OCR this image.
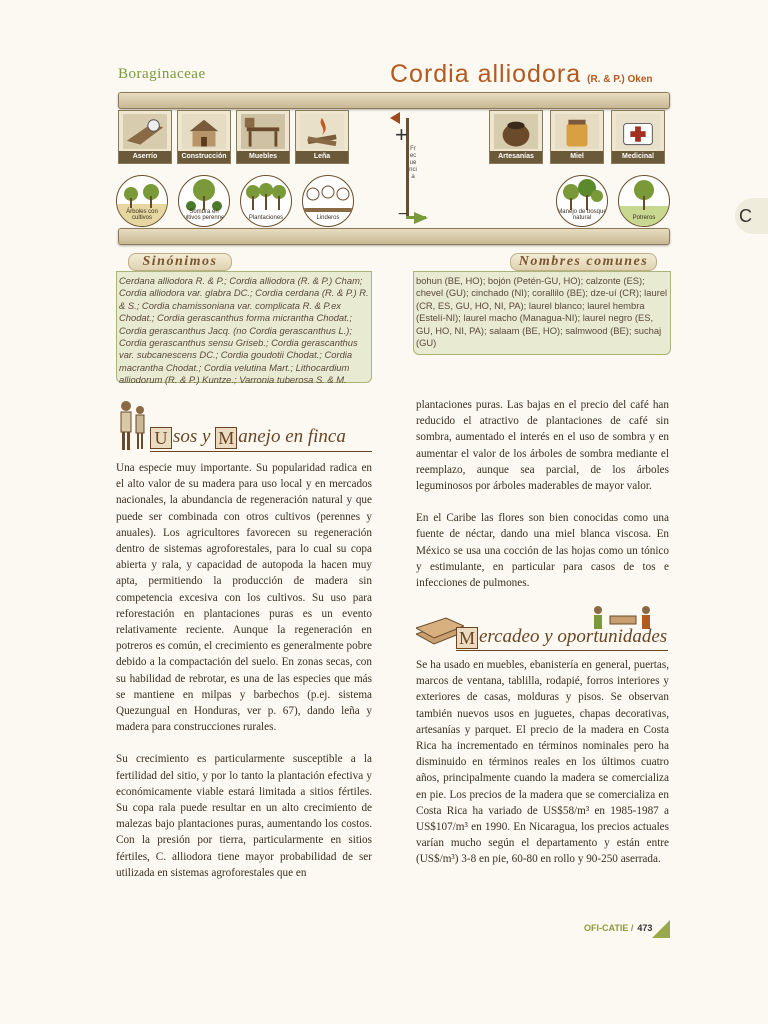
Boraginaceae	Cordia alliodora (R. & P.) Oken
Aserrío	Construcción	Muebles	Leña
+
−
Frecuencia
Artesanías	Miel	Medicinal
Árboles con cultivos
Sombra en cultivos perennes	Plantaciones	Linderos
Manejo de bosque natural	Potreros	C
Sinónimos
Cerdana alliodora R. & P.; Cordia alliodora (R. & P.) Cham; Cordia alliodora var. glabra DC.; Cordia cerdana (R. & P.) R. & S.; Cordia chamissoniana var. complicata R. & P.ex Chodat.; Cordia gerascanthus forma micrantha Chodat.; Cordia gerascanthus Jacq. (no Cordia gerascanthus L.); Cordia gerascanthus sensu Griseb.; Cordia gerascanthus var. subcanescens DC.; Cordia goudotii Chodat.; Cordia macrantha Chodat.; Cordia velutina Mart.; Lithocardium alliodorum (R. & P.) Kuntze.; Varronia tuberosa S. & M.
Nombres comunes
bohun (BE, HO); bojón (Petén-GU, HO); calzonte (ES); chevel (GU); cinchado (NI); corallilo (BE); dze-uí (CR); laurel (CR, ES, GU, HO, NI, PA); laurel blanco; laurel hembra (Estelí-NI); laurel macho (Managua-NI); laurel negro (ES, GU, HO, NI, PA); salaam (BE, HO); salmwood (BE); suchaj (GU)
U sos y M anejo en finca

Una especie muy importante. Su popularidad radica en el alto valor de su madera para uso local y en mercados nacionales, la abundancia de regeneración natural y que puede ser combinada con otros cultivos (perennes y anuales). Los agricultores favorecen su regeneración dentro de sistemas agroforestales, para lo cual su copa abierta y rala, y capacidad de autopoda la hacen muy apta, permitiendo la producción de madera sin competencia excesiva con los cultivos. Su uso para reforestación en plantaciones puras es un evento relativamente reciente. Aunque la regeneración en potreros es común, el crecimiento es generalmente pobre debido a la compactación del suelo. En zonas secas, con su habilidad de rebrotar, es una de las especies que más se mantiene en milpas y barbechos (p.ej. sistema Quezungual en Honduras, ver p. 67), dando leña y madera para construcciones rurales.

Su crecimiento es particularmente susceptible a la fertilidad del sitio, y por lo tanto la plantación efectiva y económicamente viable estará limitada a sitios fértiles. Su copa rala puede resultar en un alto crecimiento de malezas bajo plantaciones puras, aumentando los costos. Con la presión por tierra, particularmente en sitios fértiles, C. alliodora tiene mayor probabilidad de ser utilizada en sistemas agroforestales que en

plantaciones puras. Las bajas en el precio del café han reducido el atractivo de plantaciones de café sin sombra, aumentado el interés en el uso de sombra y en aumentar el valor de los árboles de sombra mediante el reemplazo, aunque sea parcial, de los árboles leguminosos por árboles maderables de mayor valor.

En el Caribe las flores son bien conocidas como una fuente de néctar, dando una miel blanca viscosa. En México se usa una cocción de las hojas como un tónico y estimulante, en particular para casos de tos e infecciones de pulmones.

M ercadeo y oportunidades

Se ha usado en muebles, ebanistería en general, puertas, marcos de ventana, tablilla, rodapié, forros interiores y exteriores de casas, molduras y pisos. Se observan también nuevos usos en juguetes, chapas decorativas, artesanías y parquet. El precio de la madera en Costa Rica ha incrementado en términos nominales pero ha disminuido en términos reales en los últimos cuatro años, principalmente cuando la madera se comercializa en pie. Los precios de la madera que se comercializa en Costa Rica ha variado de US$58/m³ en 1985-1987 a US$107/m³ en 1990. En Nicaragua, los precios actuales varían mucho según el departamento y están entre (US$/m³) 3-8 en pie, 60-80 en rollo y 90-250 aserrada.

OFI-CATIE / 473
